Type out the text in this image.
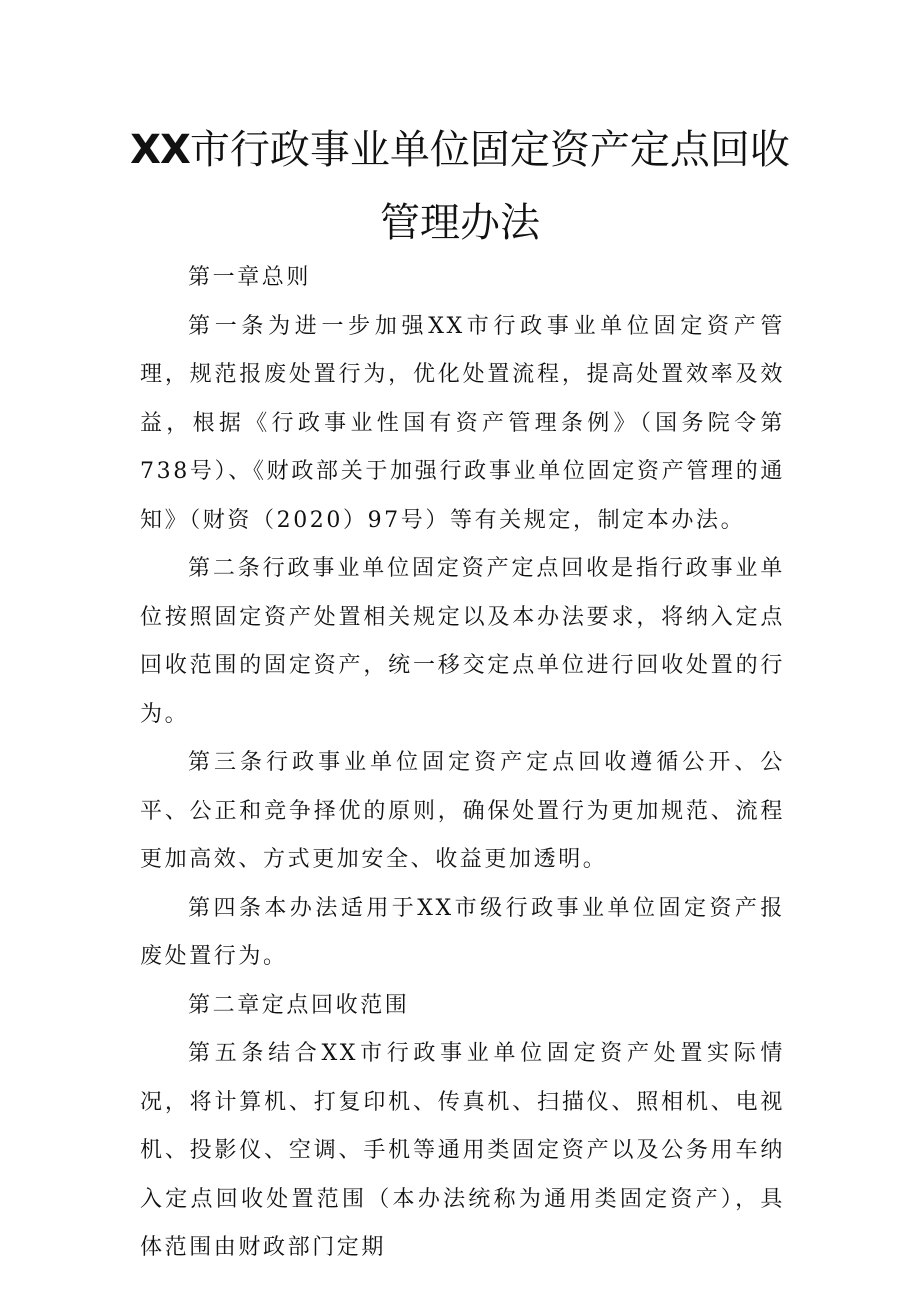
XX市行政事业单位固定资产定点回收
管理办法

第一章总则

第一条为进一步加强XX市行政事业单位固定资产管理，规范报废处置行为，优化处置流程，提高处置效率及效益，根据《行政事业性国有资产管理条例》（国务院令第738号）、《财政部关于加强行政事业单位固定资产管理的通知》（财资（2020）97号）等有关规定，制定本办法。

第二条行政事业单位固定资产定点回收是指行政事业单位按照固定资产处置相关规定以及本办法要求，将纳入定点回收范围的固定资产，统一移交定点单位进行回收处置的行为。

第三条行政事业单位固定资产定点回收遵循公开、公平、公正和竞争择优的原则，确保处置行为更加规范、流程更加高效、方式更加安全、收益更加透明。

第四条本办法适用于XX市级行政事业单位固定资产报废处置行为。

第二章定点回收范围

第五条结合XX市行政事业单位固定资产处置实际情况，将计算机、打复印机、传真机、扫描仪、照相机、电视机、投影仪、空调、手机等通用类固定资产以及公务用车纳入定点回收处置范围（本办法统称为通用类固定资产），具体范围由财政部门定期
